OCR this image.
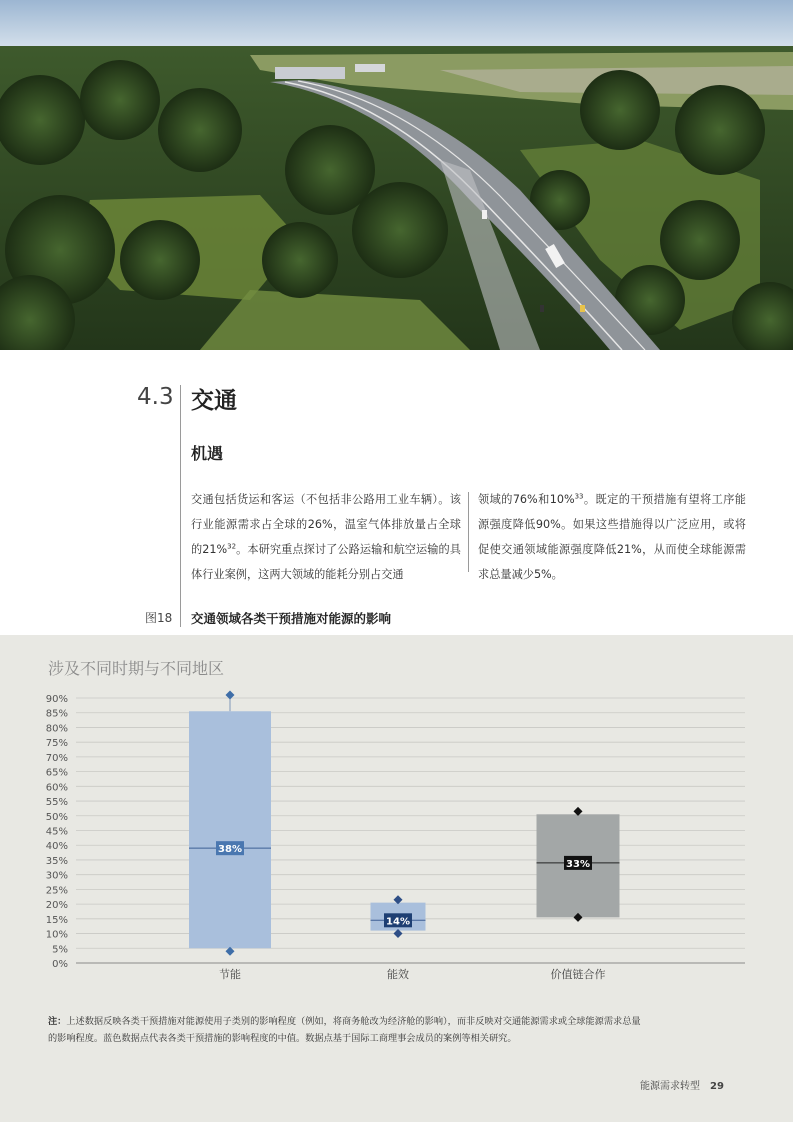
4.3 交通
机遇
交通包括货运和客运（不包括非公路用工业车辆）。该行业能源需求占全球的26%，温室气体排放量占全球的21%$^{32}$。本研究重点探讨了公路运输和航空运输的具体行业案例，这两大领域的能耗分别占交通
领域的76%和10%$^{33}$。既定的干预措施有望将工序能源强度降低90%。如果这些措施得以广泛应用，或将促使交通领域能源强度降低21%，从而使全球能源需求总量减少5%。
图18 交通领域各类干预措施对能源的影响
涉及不同时期与不同地区
0%
5%
10%
15%
20%
25%
30%
35%
40%
45%
50%
55%
60%
65%
70%
75%
80%
85%
90%
38%
节能
14%
能效
33%
价值链合作
注：上述数据反映各类干预措施对能源使用子类别的影响程度（例如，将商务舱改为经济舱的影响），而非反映对交通能源需求或全球能源需求总量的影响程度。蓝色数据点代表各类干预措施的影响程度的中值。数据点基于国际工商理事会成员的案例等相关研究。
能源需求转型 29
